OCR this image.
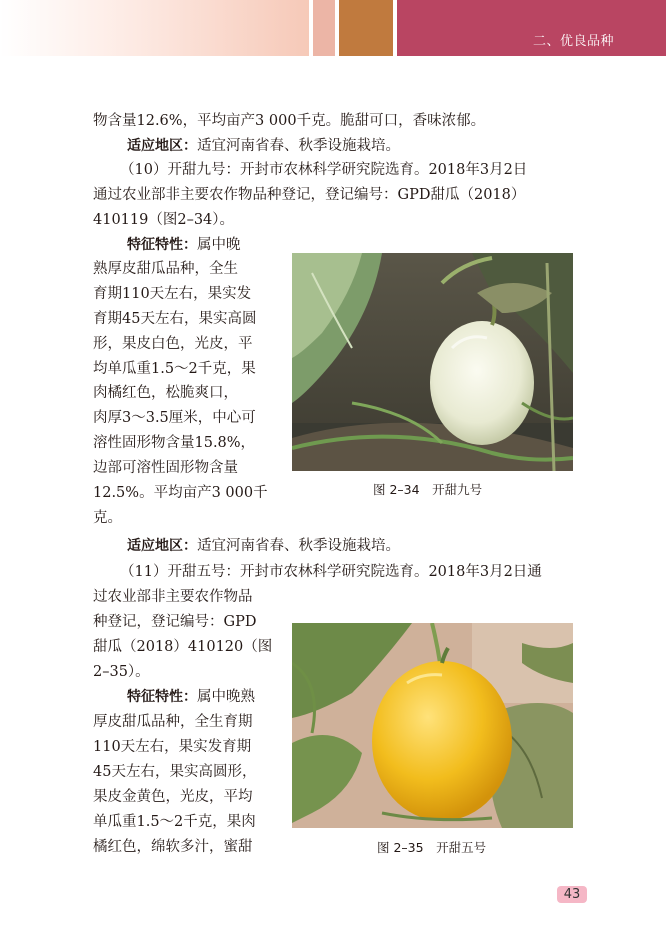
二、优良品种
物含量12.6%，平均亩产3 000千克。脆甜可口，香味浓郁。
适应地区：适宜河南省春、秋季设施栽培。
（10）开甜九号：开封市农林科学研究院选育。2018年3月2日
通过农业部非主要农作物品种登记，登记编号：GPD甜瓜（2018）
410119（图2–34）。
特征特性：属中晚
熟厚皮甜瓜品种，全生
育期110天左右，果实发
育期45天左右，果实高圆
形，果皮白色，光皮，平
均单瓜重1.5～2千克，果
肉橘红色，松脆爽口，
肉厚3～3.5厘米，中心可
溶性固形物含量15.8%，
边部可溶性固形物含量
12.5%。平均亩产3 000千
克。
适应地区：适宜河南省春、秋季设施栽培。
（11）开甜五号：开封市农林科学研究院选育。2018年3月2日通
过农业部非主要农作物品
种登记，登记编号：GPD
甜瓜（2018）410120（图
2–35）。
特征特性：属中晚熟
厚皮甜瓜品种，全生育期
110天左右，果实发育期
45天左右，果实高圆形，
果皮金黄色，光皮，平均
单瓜重1.5～2千克，果肉
橘红色，绵软多汁，蜜甜
图 2–34　开甜九号
图 2–35　开甜五号
43
